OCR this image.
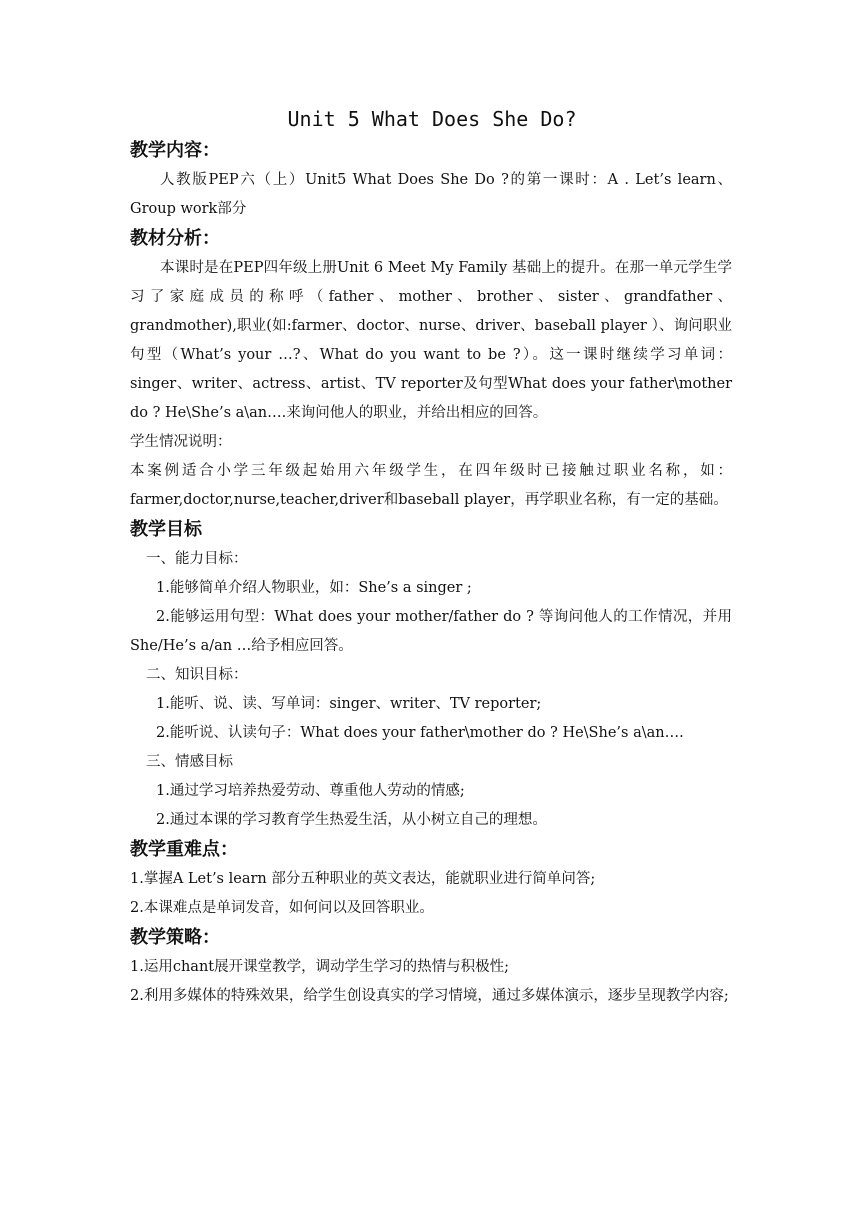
Unit 5 What Does She Do?
教学内容：

人教版PEP六（上）Unit5 What Does She Do ?的第一课时：A . Let’s learn、Group work部分

教材分析：

本课时是在PEP四年级上册Unit 6 Meet My Family 基础上的提升。在那一单元学生学习了家庭成员的称呼（father、mother、brother、sister、grandfather、grandmother),职业(如:farmer、doctor、nurse、driver、baseball player ）、询问职业句型（What’s your …?、What do you want to be ?）。这一课时继续学习单词：singer、writer、actress、artist、TV reporter及句型What does your father\mother do ? He\She’s a\an….来询问他人的职业，并给出相应的回答。

学生情况说明：

本案例适合小学三年级起始用六年级学生，在四年级时已接触过职业名称，如：farmer,doctor,nurse,teacher,driver和baseball player，再学职业名称，有一定的基础。

教学目标

一、能力目标：

1.能够简单介绍人物职业，如：She’s a singer ;

2.能够运用句型：What does your mother/father do ? 等询问他人的工作情况，并用She/He’s a/an …给予相应回答。

二、知识目标：

1.能听、说、读、写单词：singer、writer、TV reporter;

2.能听说、认读句子：What does your father\mother do ? He\She’s a\an….

三、情感目标

1.通过学习培养热爱劳动、尊重他人劳动的情感;

2.通过本课的学习教育学生热爱生活，从小树立自己的理想。

教学重难点：

1.掌握A Let’s learn 部分五种职业的英文表达，能就职业进行简单问答;

2.本课难点是单词发音，如何问以及回答职业。

教学策略：

1.运用chant展开课堂教学，调动学生学习的热情与积极性;

2.利用多媒体的特殊效果，给学生创设真实的学习情境，通过多媒体演示，逐步呈现教学内容;
